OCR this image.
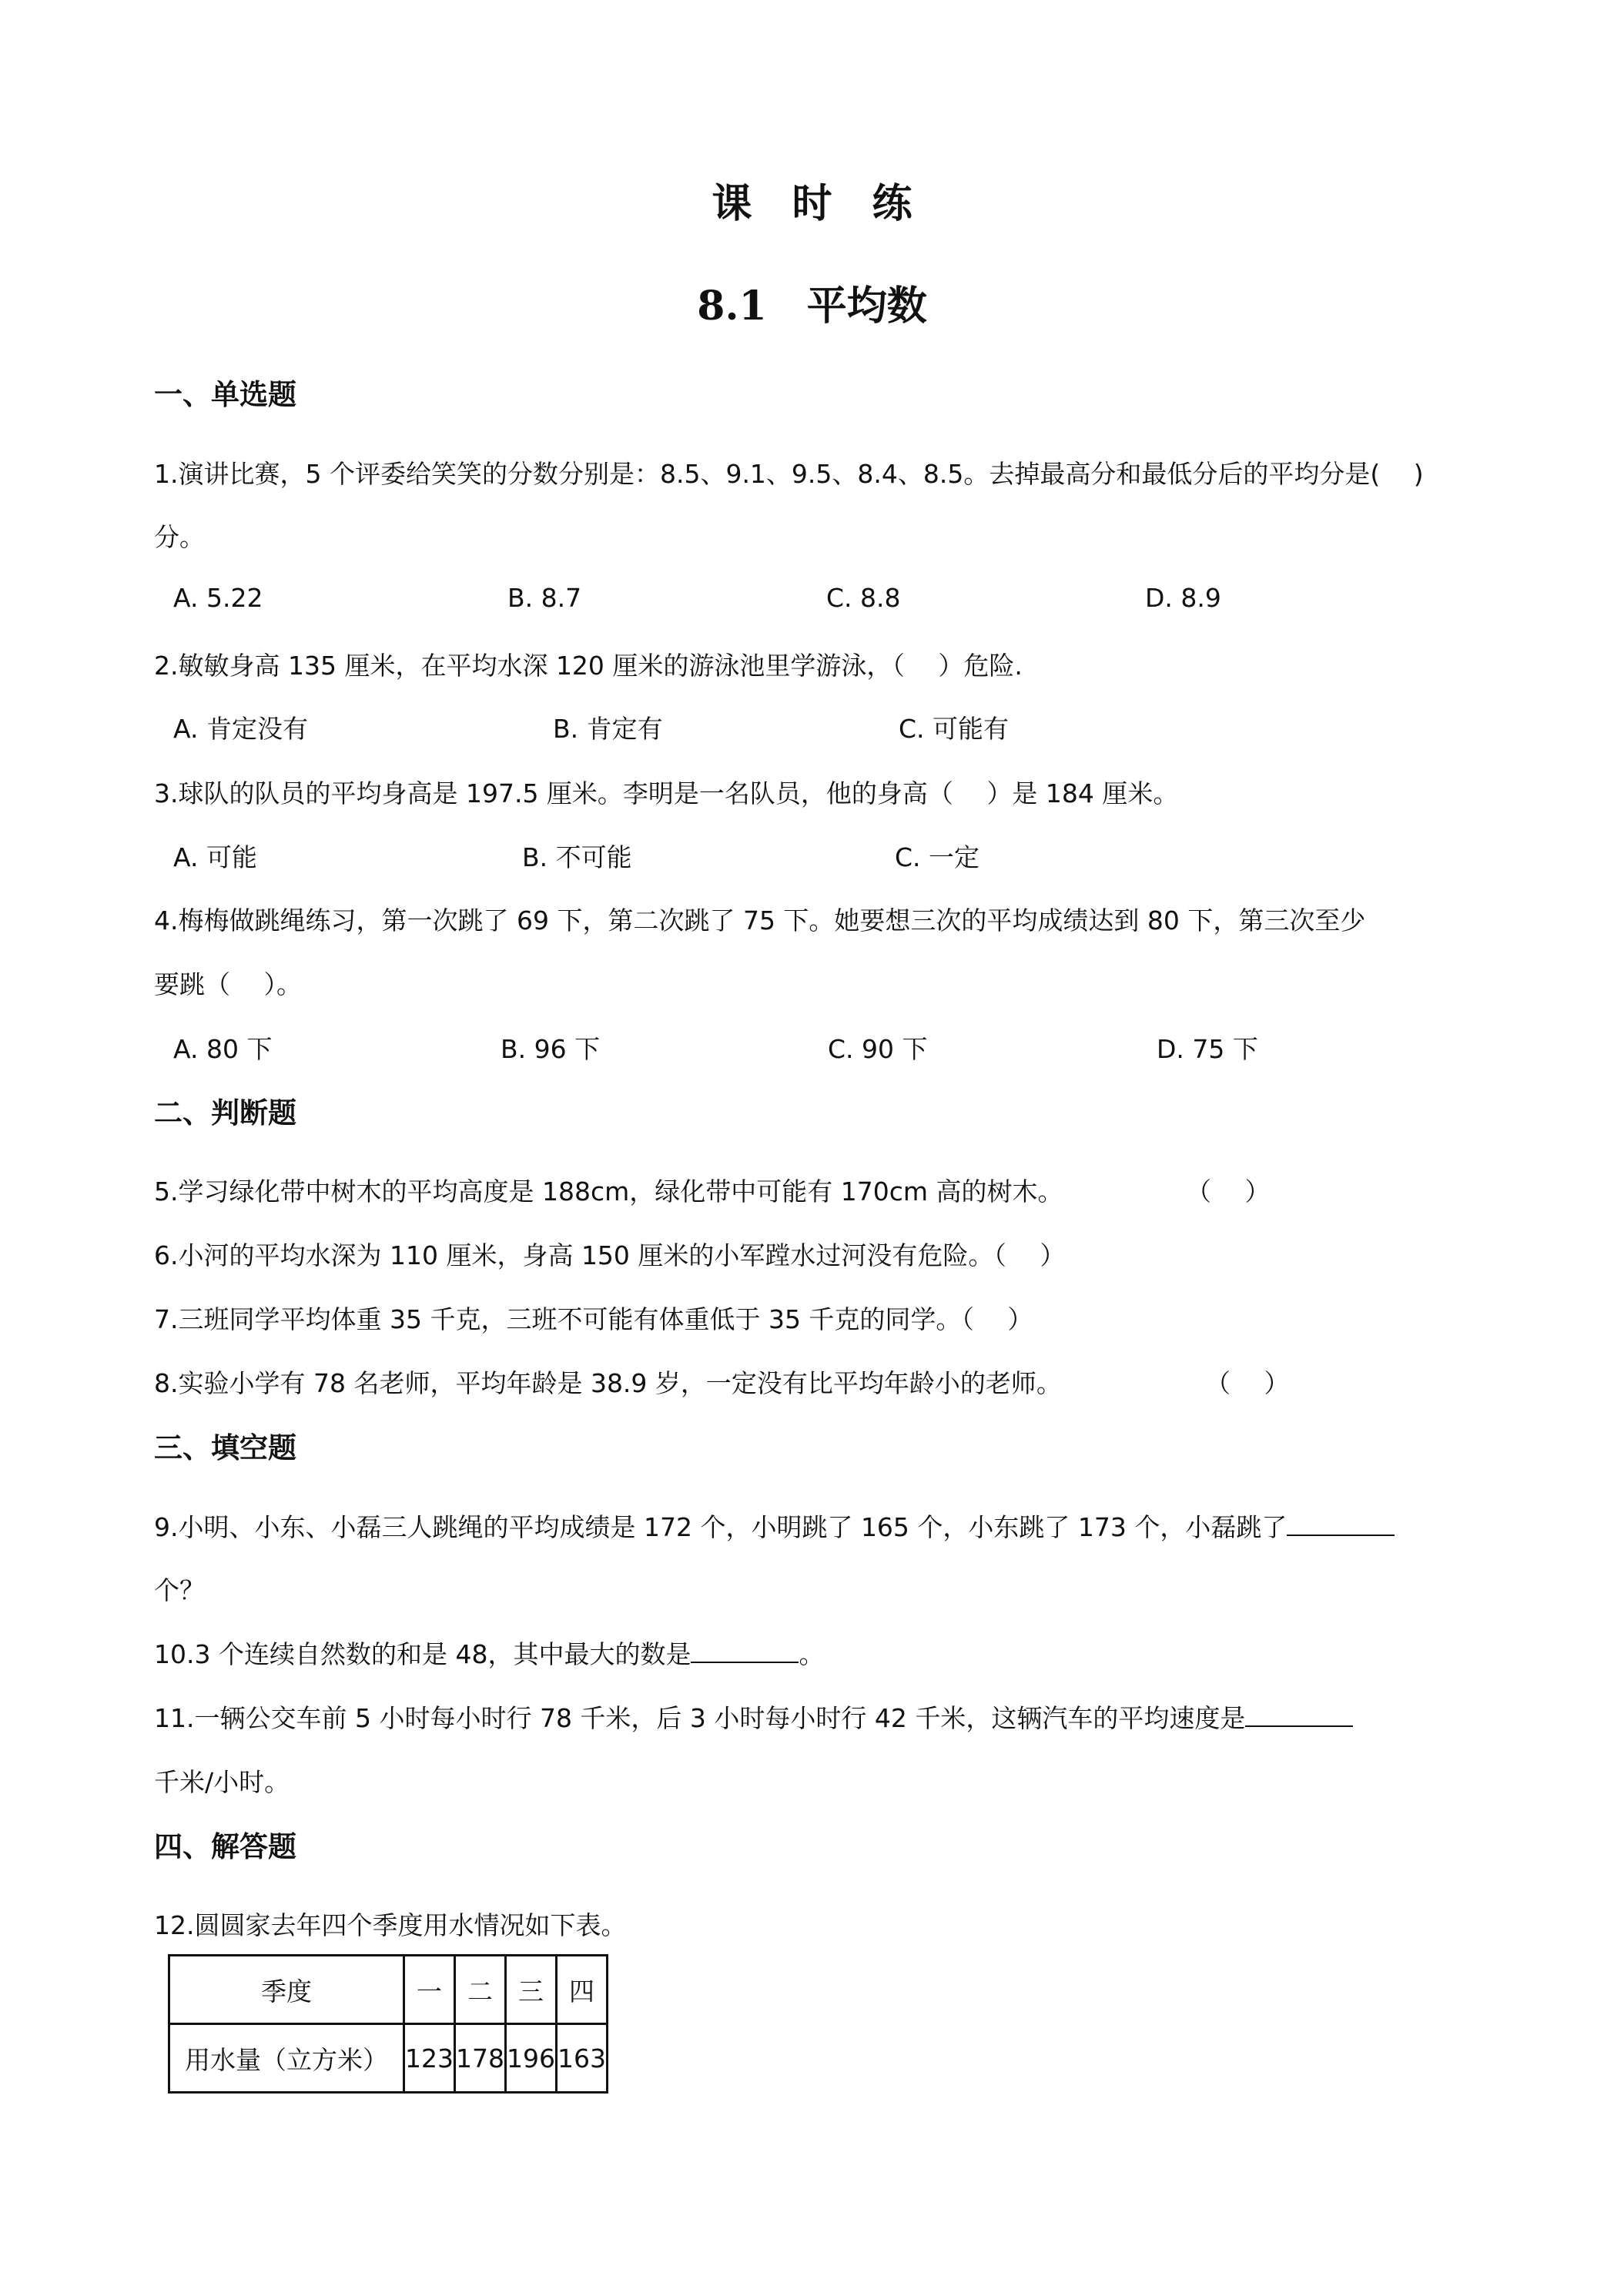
课　时　练
8.1　平均数
一、单选题
1.演讲比赛，5 个评委给笑笑的分数分别是：8.5、9.1、9.5、8.4、8.5。去掉最高分和最低分后的平均分是(　 )
分。
A. 5.22	B. 8.7	C. 8.8	D. 8.9
2.敏敏身高 135 厘米，在平均水深 120 厘米的游泳池里学游泳，（　 ）危险.
A. 肯定没有	B. 肯定有	C. 可能有
3.球队的队员的平均身高是 197.5 厘米。李明是一名队员，他的身高（　 ）是 184 厘米。
A. 可能	B. 不可能	C. 一定
4.梅梅做跳绳练习，第一次跳了 69 下，第二次跳了 75 下。她要想三次的平均成绩达到 80 下，第三次至少
要跳（　 ）。
A. 80 下	B. 96 下	C. 90 下	D. 75 下
二、判断题
5.学习绿化带中树木的平均高度是 188cm，绿化带中可能有 170cm 高的树木。	（　 ）
6.小河的平均水深为 110 厘米，身高 150 厘米的小军蹚水过河没有危险。（　 ）
7.三班同学平均体重 35 千克，三班不可能有体重低于 35 千克的同学。（　 ）
8.实验小学有 78 名老师，平均年龄是 38.9 岁，一定没有比平均年龄小的老师。	（　 ）
三、填空题
9.小明、小东、小磊三人跳绳的平均成绩是 172 个，小明跳了 165 个，小东跳了 173 个，小磊跳了
个？
10.3 个连续自然数的和是 48，其中最大的数是	。
11.一辆公交车前 5 小时每小时行 78 千米，后 3 小时每小时行 42 千米，这辆汽车的平均速度是
千米/小时。
四、解答题
12.圆圆家去年四个季度用水情况如下表。
季度	一	二	三	四
用水量（立方米）	123	178	196	163
